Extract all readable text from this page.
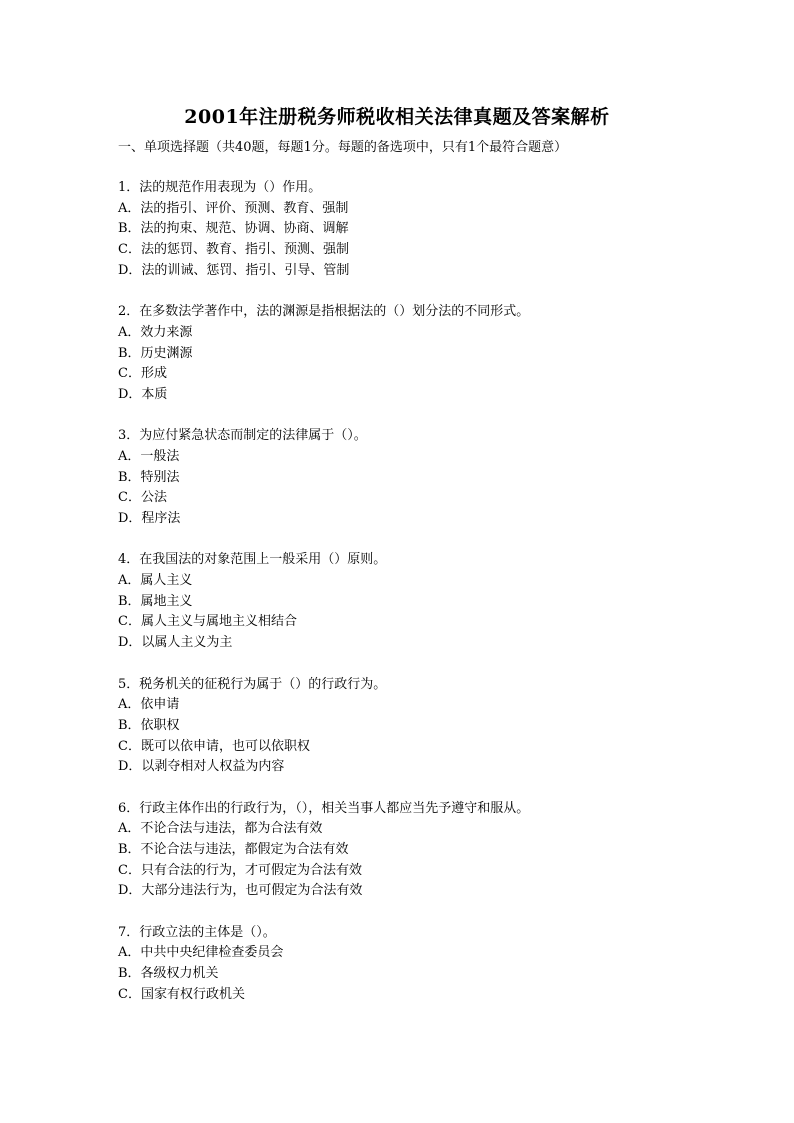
2001年注册税务师税收相关法律真题及答案解析

一、单项选择题（共40题，每题1分。每题的备选项中，只有1个最符合题意）

1．法的规范作用表现为（）作用。
A．法的指引、评价、预测、教育、强制
B．法的拘束、规范、协调、协商、调解
C．法的惩罚、教育、指引、预测、强制
D．法的训诫、惩罚、指引、引导、管制
2．在多数法学著作中，法的渊源是指根据法的（）划分法的不同形式。
A．效力来源
B．历史渊源
C．形成
D．本质
3．为应付紧急状态而制定的法律属于（）。
A．一般法
B．特别法
C．公法
D．程序法
4．在我国法的对象范围上一般采用（）原则。
A．属人主义
B．属地主义
C．属人主义与属地主义相结合
D．以属人主义为主
5．税务机关的征税行为属于（）的行政行为。
A．依申请
B．依职权
C．既可以依申请，也可以依职权
D．以剥夺相对人权益为内容
6．行政主体作出的行政行为，（），相关当事人都应当先予遵守和服从。
A．不论合法与违法，都为合法有效
B．不论合法与违法，都假定为合法有效
C．只有合法的行为，才可假定为合法有效
D．大部分违法行为，也可假定为合法有效
7．行政立法的主体是（）。
A．中共中央纪律检查委员会
B．各级权力机关
C．国家有权行政机关
